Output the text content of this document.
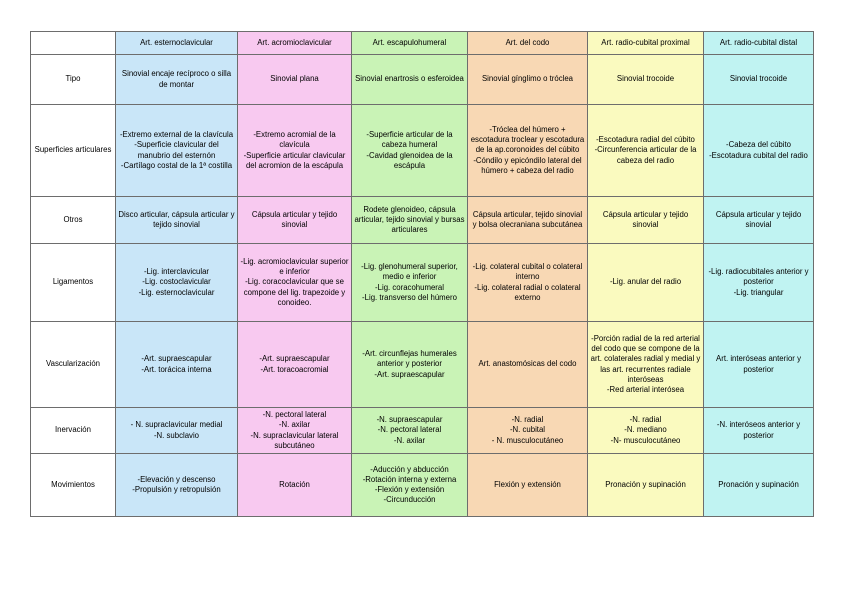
	Art. esternoclavicular	Art. acromioclavicular	Art. escapulohumeral	Art. del codo	Art. radio-cubital proximal	Art. radio-cubital distal
Tipo	Sinovial encaje recíproco o silla de montar	Sinovial plana	Sinovial enartrosis o esferoidea	Sinovial gínglimo o tróclea	Sinovial trocoide	Sinovial trocoide
Superficies articulares	-Extremo external de la clavícula
-Superficie clavicular del manubrio del esternón
-Cartílago costal de la 1ª costilla	-Extremo acromial de la clavícula
-Superficie articular clavicular del acromion de la escápula	-Superficie articular de la cabeza humeral
-Cavidad glenoidea de la escápula	-Tróclea del húmero + escotadura troclear y escotadura de la ap.coronoides del cúbito
-Cóndilo y epicóndilo lateral del húmero + cabeza del radio	-Escotadura radial del cúbito
-Circunferencia articular de la cabeza del radio	-Cabeza del cúbito
-Escotadura cubital del radio
Otros	Disco articular, cápsula articular y tejido sinovial	Cápsula articular y tejido sinovial	Rodete glenoideo, cápsula articular, tejido sinovial y bursas articulares	Cápsula articular, tejido sinovial y bolsa olecraniana subcutánea	Cápsula articular y tejido sinovial	Cápsula articular y tejido sinovial
Ligamentos	-Lig. interclavicular
-Lig. costoclavicular
-Lig. esternoclavicular	-Lig. acromioclavicular superior e inferior
-Lig. coracoclavicular que se compone del lig. trapezoide y conoideo.	-Lig. glenohumeral superior, medio e inferior
-Lig. coracohumeral
-Lig. transverso del húmero	-Lig. colateral cubital o colateral interno
-Lig. colateral radial o colateral externo	-Lig. anular del radio	-Lig. radiocubitales anterior y posterior
-Lig. triangular
Vascularización	-Art. supraescapular
-Art. torácica interna	-Art. supraescapular
-Art. toracoacromial	-Art. circunflejas humerales anterior y posterior
-Art. supraescapular	Art. anastomósicas del codo	-Porción radial de la red arterial del codo que se compone de la art. colaterales radial y medial y las art. recurrentes radiale interóseas
-Red arterial interósea	Art. interóseas anterior y posterior
Inervación	- N. supraclavicular medial
-N. subclavio	-N. pectoral lateral
-N. axilar
-N. supraclavicular lateral subcutáneo	-N. supraescapular
-N. pectoral lateral
-N. axilar	-N. radial
-N. cubital
- N. musculocutáneo	-N. radial
-N. mediano
-N- musculocutáneo	-N. interóseos anterior y posterior
Movimientos	-Elevación y descenso
-Propulsión y retropulsión	Rotación	-Aducción y abducción
-Rotación interna y externa
-Flexión y extensión
-Circunducción	Flexión y extensión	Pronación y supinación	Pronación y supinación
